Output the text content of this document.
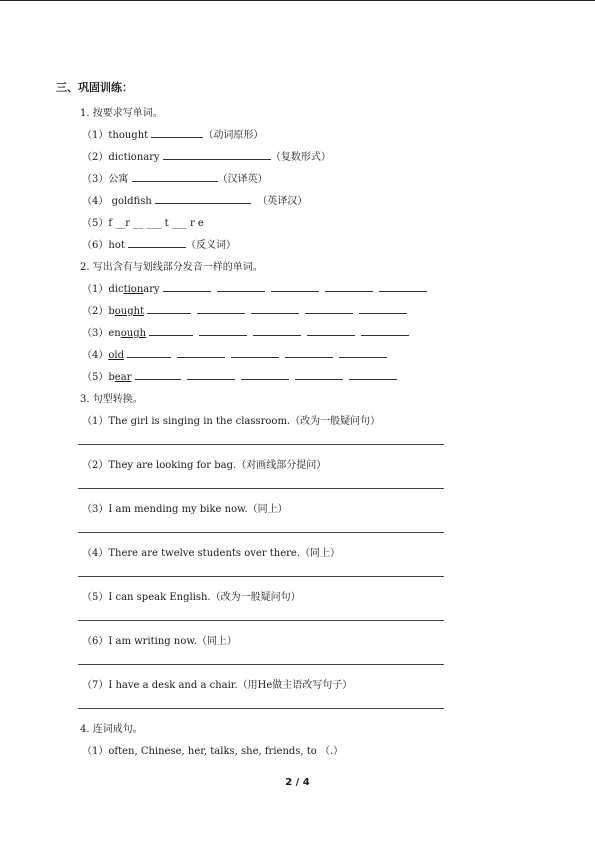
三、巩固训练：
1. 按要求写单词。
（1）thought	（动词原形）
（2）dictionary	（复数形式）
（3）公寓	（汉译英）
（4） goldfish	（英译汉）
（5）f __r __ ___ t ___ r e
（6）hot	（反义词）
2. 写出含有与划线部分发音一样的单词。
（1）dictionary
（2）bought
（3）enough
（4）old
（5）bear
3. 句型转换。
（1）The girl is singing in the classroom.（改为一般疑问句）
（2）They are looking for bag.（对画线部分提问）
（3）I am mending my bike now.（同上）
（4）There are twelve students over there.（同上）
（5）I can speak English.（改为一般疑问句）
（6）I am writing now.（同上）
（7）I have a desk and a chair.（用He做主语改写句子）
4. 连词成句。
（1）often, Chinese, her, talks, she, friends, to （.）
2 / 4
